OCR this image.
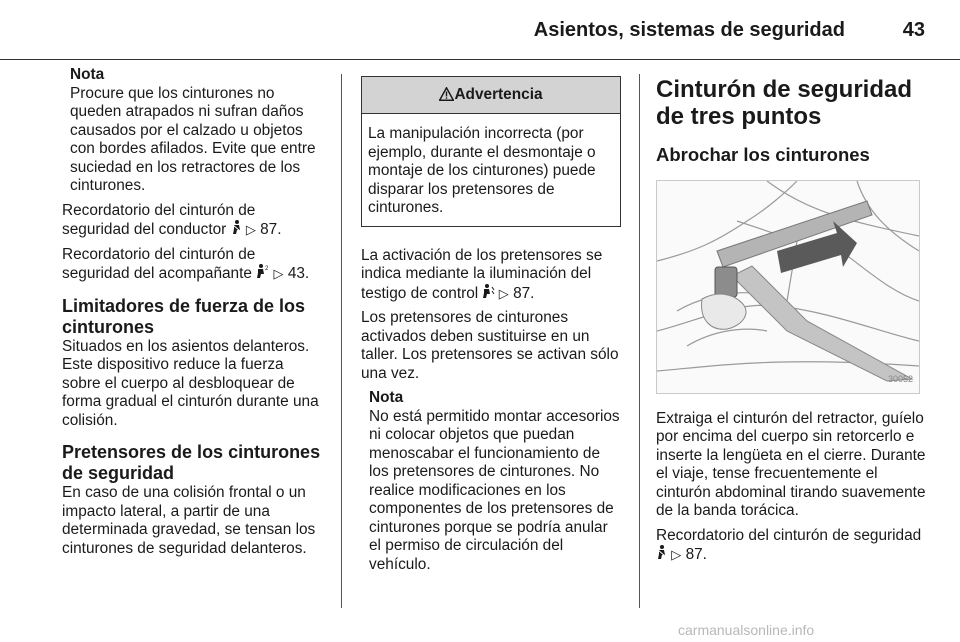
Asientos, sistemas de seguridad	43
Nota
Procure que los cinturones no queden atrapados ni sufran daños causados por el calzado u objetos con bordes afilados. Evite que entre suciedad en los retractores de los cinturones.

Recordatorio del cinturón de seguridad del conductor ▷ 87.

Recordatorio del cinturón de seguridad del acompañante 2 ▷ 43.

Limitadores de fuerza de los cinturones

Situados en los asientos delanteros. Este dispositivo reduce la fuerza sobre el cuerpo al desbloquear de forma gradual el cinturón durante una colisión.

Pretensores de los cinturones de seguridad

En caso de una colisión frontal o un impacto lateral, a partir de una determinada gravedad, se tensan los cinturones de seguridad delanteros.

Advertencia
La manipulación incorrecta (por ejemplo, durante el desmontaje o montaje de los cinturones) puede disparar los pretensores de cinturones.

La activación de los pretensores se indica mediante la iluminación del testigo de control ▷ 87.

Los pretensores de cinturones activados deben sustituirse en un taller. Los pretensores se activan sólo una vez.

Nota
No está permitido montar accesorios ni colocar objetos que puedan menoscabar el funcionamiento de los pretensores de cinturones. No realice modificaciones en los componentes de los pretensores de cinturones porque se podría anular el permiso de circulación del vehículo.
Cinturón de seguridad de tres puntos
Abrochar los cinturones
30052

Extraiga el cinturón del retractor, guíelo por encima del cuerpo sin retorcerlo e inserte la lengüeta en el cierre. Durante el viaje, tense frecuentemente el cinturón abdominal tirando suavemente de la banda torácica.

Recordatorio del cinturón de seguridad  ▷ 87.

carmanualsonline.info
